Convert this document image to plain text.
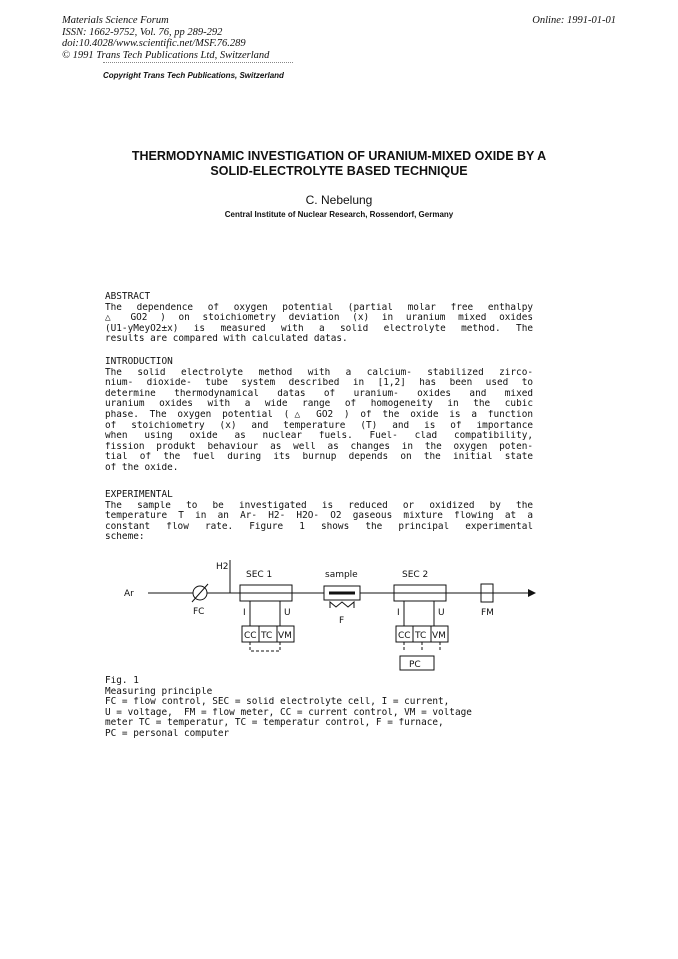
Materials Science Forum
ISSN: 1662-9752, Vol. 76, pp 289-292
doi:10.4028/www.scientific.net/MSF.76.289
© 1991 Trans Tech Publications Ltd, Switzerland
Online: 1991-01-01
Copyright Trans Tech Publications, Switzerland
THERMODYNAMIC INVESTIGATION OF URANIUM-MIXED OXIDE BY A
SOLID-ELECTROLYTE BASED TECHNIQUE
C. Nebelung
Central Institute of Nuclear Research, Rossendorf, Germany
ABSTRACT
The dependence of oxygen potential (partial molar free enthalpy
△ GO2 ) on stoichiometry deviation (x) in uranium mixed oxides
(U1-yMeyO2±x) is measured with a solid electrolyte method. The
results are compared with calculated datas.
INTRODUCTION
The solid electrolyte method with a calcium- stabilized zirco-
nium- dioxide- tube system described in [1,2] has been used to
determine thermodynamical datas of uranium- oxides and mixed
uranium oxides with a wide range of homogeneity in the cubic
phase. The oxygen potential (△ GO2 ) of the oxide is a function
of stoichiometry (x) and temperature (T) and is of importance
when using oxide as nuclear fuels. Fuel- clad compatibility,
fission produkt behaviour as well as changes in the oxygen poten-
tial of the fuel during its burnup depends on the initial state
of the oxide.
EXPERIMENTAL
The sample to be investigated is reduced or oxidized by the
temperature T in an Ar- H2- H2O- O2 gaseous mixture flowing at a
constant flow rate. Figure 1 shows the principal experimental
scheme:
Ar
FC
H2
SEC 1
I	U
CC TC VM
sample
F
SEC 2
I	U
CC TC VM
PC
FM
Fig. 1
Measuring principle
FC = flow control, SEC = solid electrolyte cell, I = current,
U = voltage,  FM = flow meter, CC = current control, VM = voltage
meter TC = temperatur, TC = temperatur control, F = furnace,
PC = personal computer
